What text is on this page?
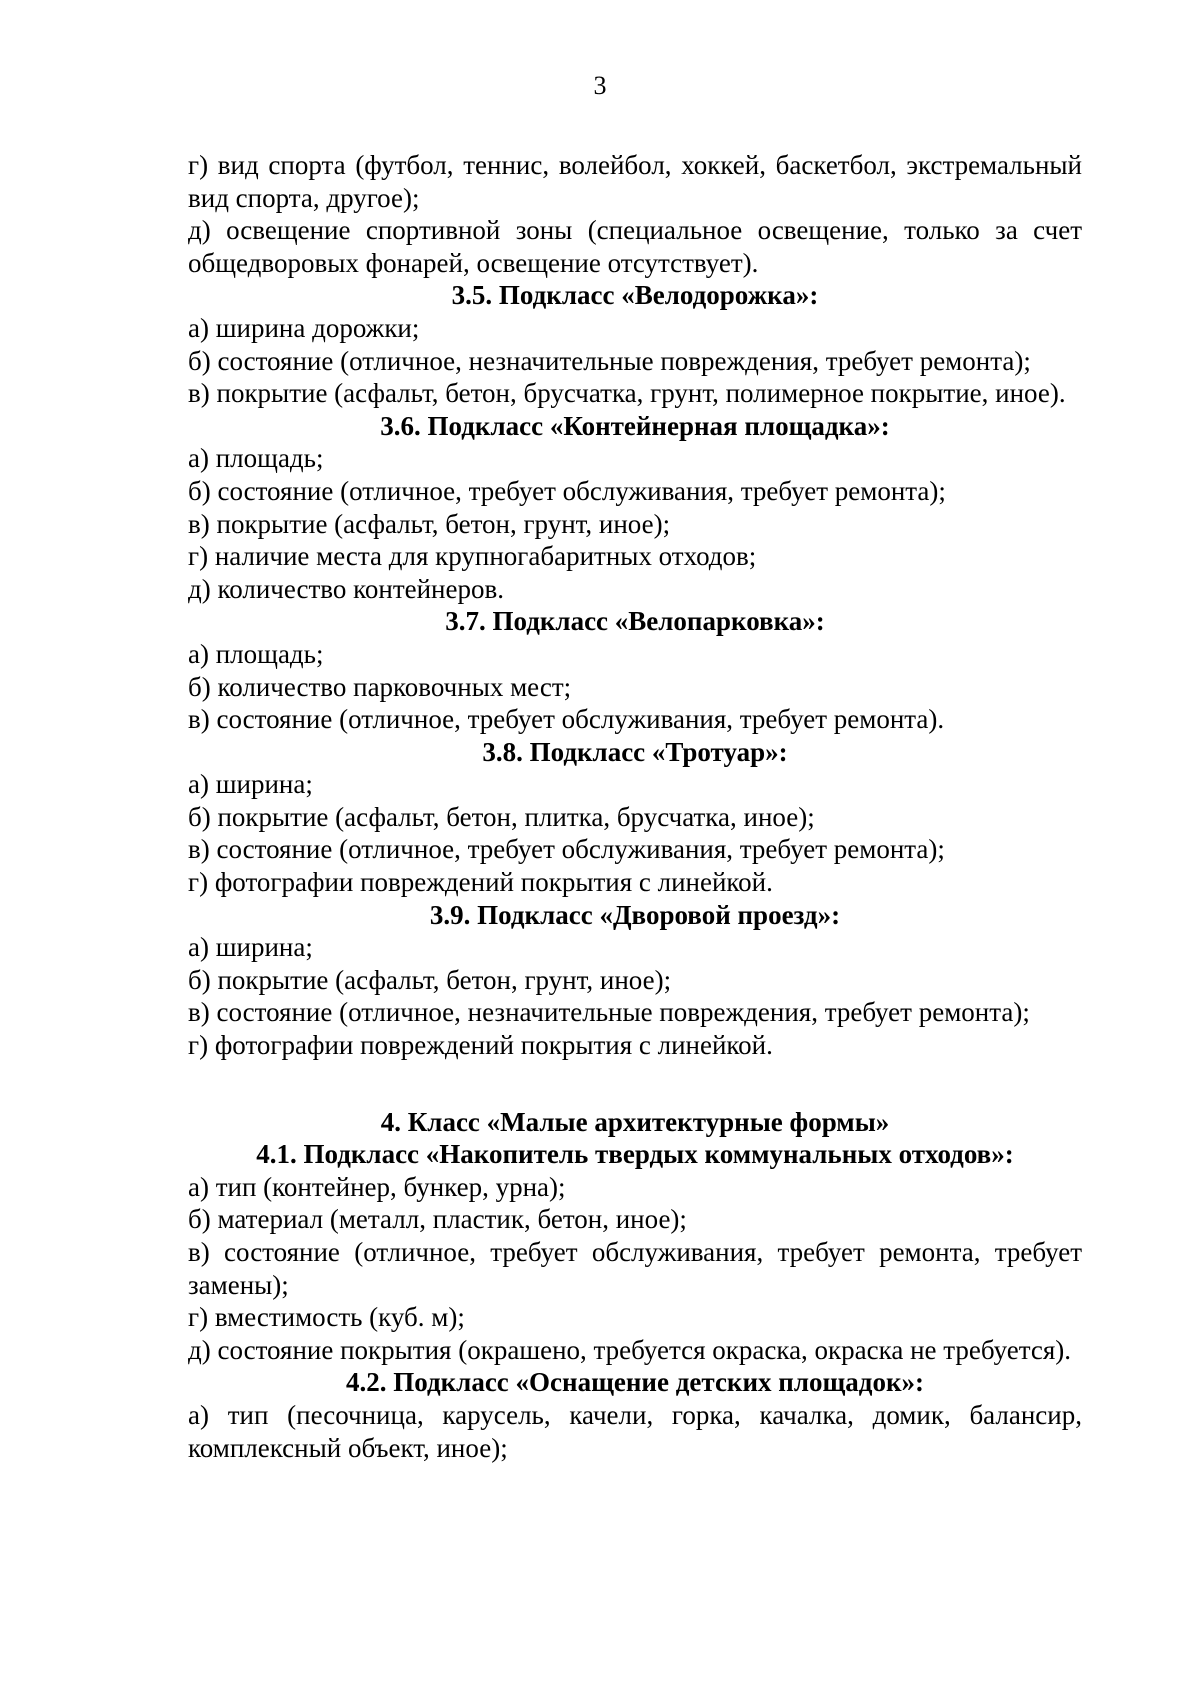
3

г) вид спорта (футбол, теннис, волейбол, хоккей, баскетбол, экстремальный вид спорта, другое);

д) освещение спортивной зоны (специальное освещение, только за счет общедворовых фонарей, освещение отсутствует).

3.5. Подкласс «Велодорожка»:

а) ширина дорожки;

б) состояние (отличное, незначительные повреждения, требует ремонта);

в) покрытие (асфальт, бетон, брусчатка, грунт, полимерное покрытие, иное).

3.6. Подкласс «Контейнерная площадка»:

а) площадь;

б) состояние (отличное, требует обслуживания, требует ремонта);

в) покрытие (асфальт, бетон, грунт, иное);

г) наличие места для крупногабаритных отходов;

д) количество контейнеров.

3.7. Подкласс «Велопарковка»:

а) площадь;

б) количество парковочных мест;

в) состояние (отличное, требует обслуживания, требует ремонта).

3.8. Подкласс «Тротуар»:

а) ширина;

б) покрытие (асфальт, бетон, плитка, брусчатка, иное);

в) состояние (отличное, требует обслуживания, требует ремонта);

г) фотографии повреждений покрытия с линейкой.

3.9. Подкласс «Дворовой проезд»:

а) ширина;

б) покрытие (асфальт, бетон, грунт, иное);

в) состояние (отличное, незначительные повреждения, требует ремонта);

г) фотографии повреждений покрытия с линейкой.

4. Класс «Малые архитектурные формы»

4.1. Подкласс «Накопитель твердых коммунальных отходов»:

а) тип (контейнер, бункер, урна);

б) материал (металл, пластик, бетон, иное);

в) состояние (отличное, требует обслуживания, требует ремонта, требует замены);

г) вместимость (куб. м);

д) состояние покрытия (окрашено, требуется окраска, окраска не требуется).

4.2. Подкласс «Оснащение детских площадок»:

а) тип (песочница, карусель, качели, горка, качалка, домик, балансир, комплексный объект, иное);
